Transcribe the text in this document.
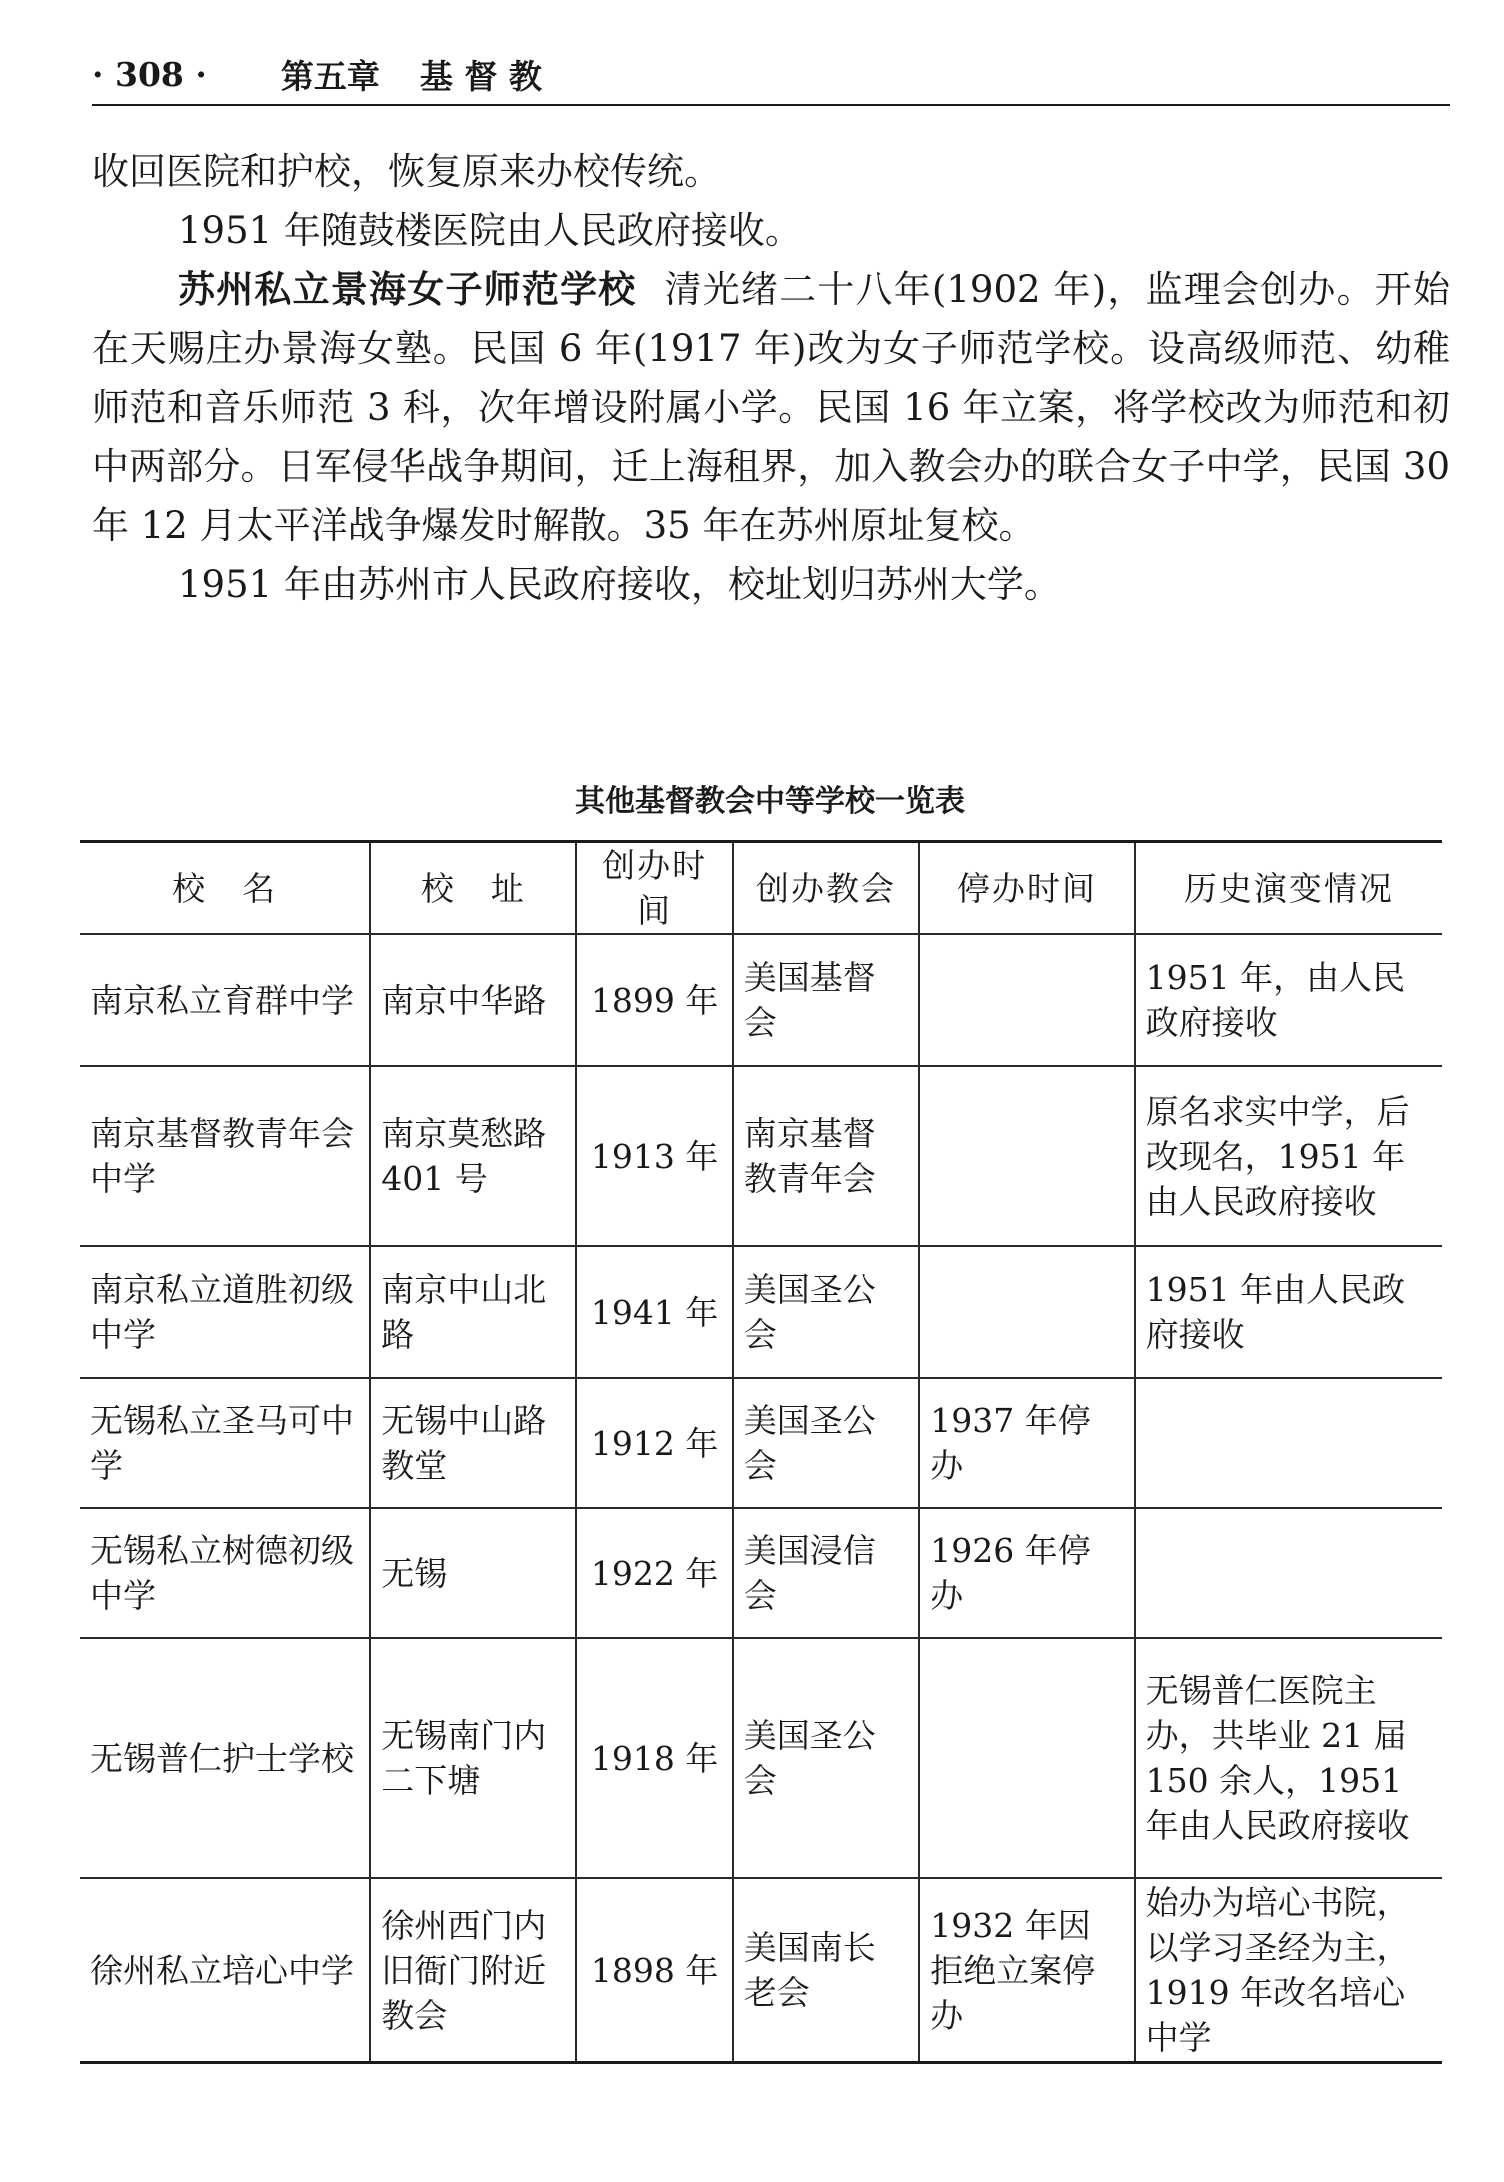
· 308 · 第五章 基 督 教

收回医院和护校，恢复原来办校传统。

1951 年随鼓楼医院由人民政府接收。

苏州私立景海女子师范学校 清光绪二十八年(1902 年)，监理会创办。开始在天赐庄办景海女塾。民国 6 年(1917 年)改为女子师范学校。设高级师范、幼稚师范和音乐师范 3 科，次年增设附属小学。民国 16 年立案，将学校改为师范和初中两部分。日军侵华战争期间，迁上海租界，加入教会办的联合女子中学，民国 30 年 12 月太平洋战争爆发时解散。35 年在苏州原址复校。

1951 年由苏州市人民政府接收，校址划归苏州大学。

其他基督教会中等学校一览表
校　名	校　址	创办时间	创办教会	停办时间	历史演变情况
南京私立育群中学	南京中华路	1899 年	美国基督会		1951 年，由人民政府接收
南京基督教青年会中学	南京莫愁路401 号	1913 年	南京基督教青年会		原名求实中学，后改现名，1951 年由人民政府接收
南京私立道胜初级中学	南京中山北路	1941 年	美国圣公会		1951 年由人民政府接收
无锡私立圣马可中学	无锡中山路教堂	1912 年	美国圣公会	1937 年停办	
无锡私立树德初级中学	无锡	1922 年	美国浸信会	1926 年停办	
无锡普仁护士学校	无锡南门内二下塘	1918 年	美国圣公会		无锡普仁医院主办，共毕业 21 届 150 余人，1951 年由人民政府接收
徐州私立培心中学	徐州西门内旧衙门附近教会	1898 年	美国南长老会	1932 年因拒绝立案停办	始办为培心书院，以学习圣经为主，1919 年改名培心中学
